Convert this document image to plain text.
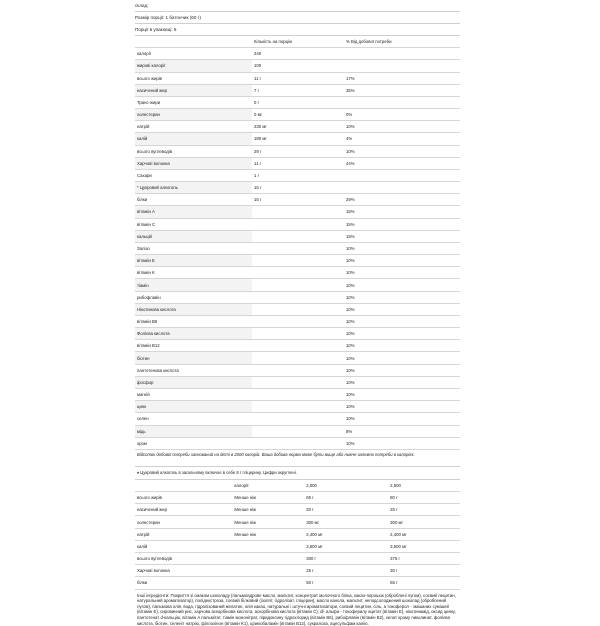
склад:
Розмір порції: 1 батончик (60 г)
Порції в упаковці: 5
	Кількість на порцію	% Від добової потреби
калорії	240	
жирові калорії	100	
всього жирів	11 г	17%
насичений жир	7 г	35%
Транс-жири	0 г	
холестерин	0 мг	0%
натрій	230 мг	10%
калій	180 мг	4%
всього вуглеводів	29 г	10%
Харчові волокна	11 г	44%
Сахари	1 г	
* Цукровий алкоголь	15 г	
білки	15 г	29%
вітамін A		15%
вітамін C		15%
кальцій		15%
Залізо		10%
вітамін E		10%
вітамін K		10%
тіамін		10%
рибофлавін		10%
Нікотинова кислота		10%
вітамін B6		10%
Фолієва кислота		10%
вітамін B12		10%
біотин		10%
пантотенова кислота		10%
фосфор		10%
магній		10%
цинк		10%
селен		10%
мідь		8%
хром		10%
Відсоток добової потреби заснований на дієті в 2000 калорій. Ваша добова норма може бути вище або нижче залежно потреби в калоріях.
♦ Цукровий алкоголь в загальному включає в себе 8 г гліцерину. Цифри округлені.
	калорії:	2,000	2,500
всього жирів	Менше ніж	65 г	80 г
насичений жир	Менше ніж	20 г	25 г
холестерин	Менше ніж	300 мг	300 мг
натрій	Менше ніж	2,400 мг	2,400 мг
калій		3,500 мг	3,500 мг
всього вуглеводів		300 г	375 г
Харчові волокна		25 г	30 г
білки		50 г	65 г
Інші інгредієнти: Покриття зі смаком шоколаду (пальмоядрове масло, мальтит, концентрат молочного білка, какао-порошок (оброблені лугом), соєвий лецитин, натуральний ароматизатор), полідекстроза, соєвий білковий (ізолят, гідролізат, гліцерин), масло канола, мальтит, неподсолоджений шоколад (оброблений лугом), пальмова олія, вода, гідролізований желатин, олія какао, натуральні і штучні ароматизатори, соєвий лецитин, сіль, а токоферол - змішаних сумішей (вітамін Е), сировинний рис, харчова аскорбінова кислота, аскорбінова кислота (вітамін С), dl- альфа - токоферилу ацетат (вітамін Е), нікотинамід, оксид цинку, пантотенат d-кальцію, вітамін A пальмітат, тіамін мононітрат, піридоксину гідрохлорид (вітамін B6), рибофлавін (вітамін B2), хелат хрому пиколинат, фолієва кислота, біотин, селеніт натрію, філлохінон (вітамін K1), ціанкобаламін (вітамін B12), сукралоза, ацесульфам калію.
